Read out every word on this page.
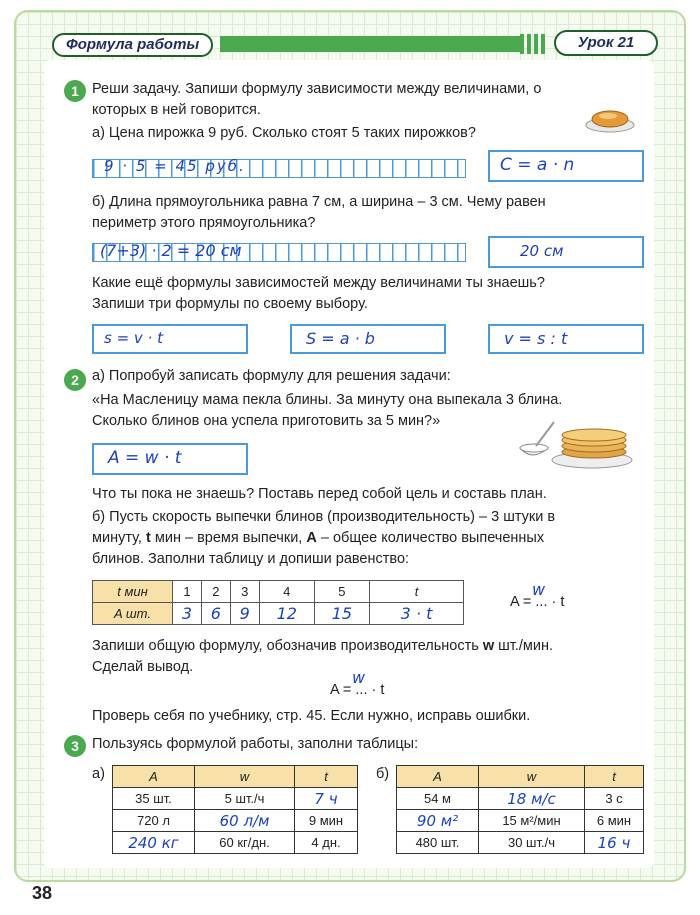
Формула работы	Урок 21
1 Реши задачу. Запиши формулу зависимости между величинами, о
которых в ней говорится.
а) Цена пирожка 9 руб. Сколько стоят 5 таких пирожков?
9 · 5 = 45 руб.	C = a · n
б) Длина прямоугольника равна 7 см, а ширина – 3 см. Чему равен
периметр этого прямоугольника?
(7+3) · 2 = 20 см	20 см
Какие ещё формулы зависимостей между величинами ты знаешь?
Запиши три формулы по своему выбору.
s = v · t	S = a · b	v = s : t
2 а) Попробуй записать формулу для решения задачи:
«На Масленицу мама пекла блины. За минуту она выпекала 3 блина.
Сколько блинов она успела приготовить за 5 мин?»
A = w · t
Что ты пока не знаешь? Поставь перед собой цель и составь план.
б) Пусть скорость выпечки блинов (производительность) – 3 штуки в
минуту, t мин – время выпечки, A – общее количество выпеченных
блинов. Заполни таблицу и допиши равенство:
t мин	1	2	3	4	5	t
A шт.	3	6	9	12	15	3 · t
A = ... · t
w
Запиши общую формулу, обозначив производительность w шт./мин.
Сделай вывод.
A = ... · t
w
Проверь себя по учебнику, стр. 45. Если нужно, исправь ошибки.
3 Пользуясь формулой работы, заполни таблицы:
а)	б)
A	w	t
35 шт.	5 шт./ч	7 ч
720 л	60 л/м	9 мин
240 кг	60 кг/дн.	4 дн.
A	w	t
54 м	18 м/с	3 с
90 м²	15 м²/мин	6 мин
480 шт.	30 шт./ч	16 ч
38
